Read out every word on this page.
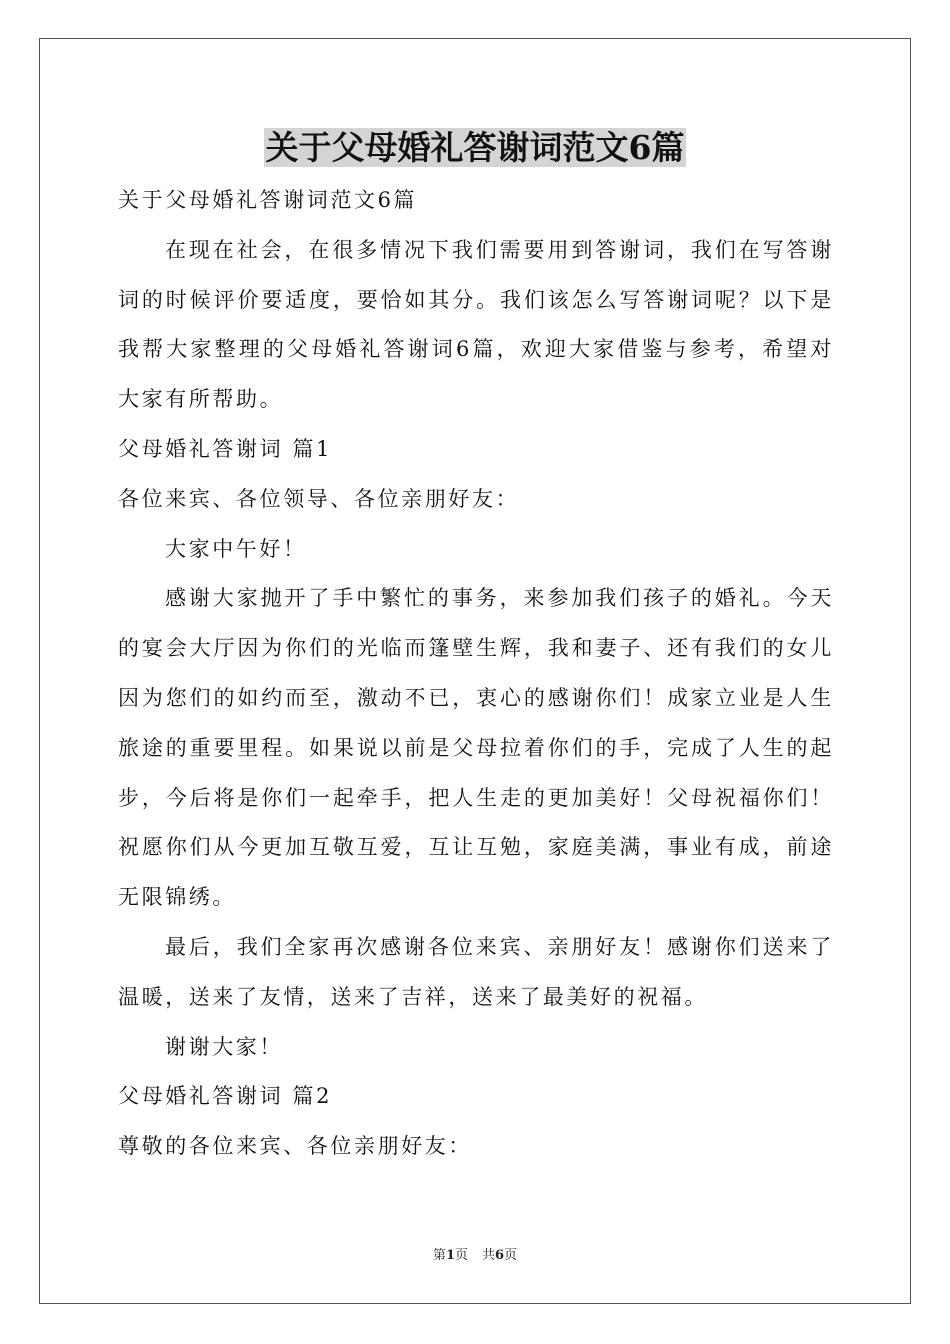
关于父母婚礼答谢词范文6篇

关于父母婚礼答谢词范文6篇

在现在社会，在很多情况下我们需要用到答谢词，我们在写答谢词的时候评价要适度，要恰如其分。我们该怎么写答谢词呢？以下是我帮大家整理的父母婚礼答谢词6篇，欢迎大家借鉴与参考，希望对大家有所帮助。

父母婚礼答谢词 篇1

各位来宾、各位领导、各位亲朋好友：

大家中午好！

感谢大家抛开了手中繁忙的事务，来参加我们孩子的婚礼。今天的宴会大厅因为你们的光临而篷壁生辉，我和妻子、还有我们的女儿因为您们的如约而至，激动不已，衷心的感谢你们！成家立业是人生旅途的重要里程。如果说以前是父母拉着你们的手，完成了人生的起步，今后将是你们一起牵手，把人生走的更加美好！父母祝福你们！祝愿你们从今更加互敬互爱，互让互勉，家庭美满，事业有成，前途无限锦绣。

最后，我们全家再次感谢各位来宾、亲朋好友！感谢你们送来了温暖，送来了友情，送来了吉祥，送来了最美好的祝福。

谢谢大家！

父母婚礼答谢词 篇2

尊敬的各位来宾、各位亲朋好友：

第1页 共6页
